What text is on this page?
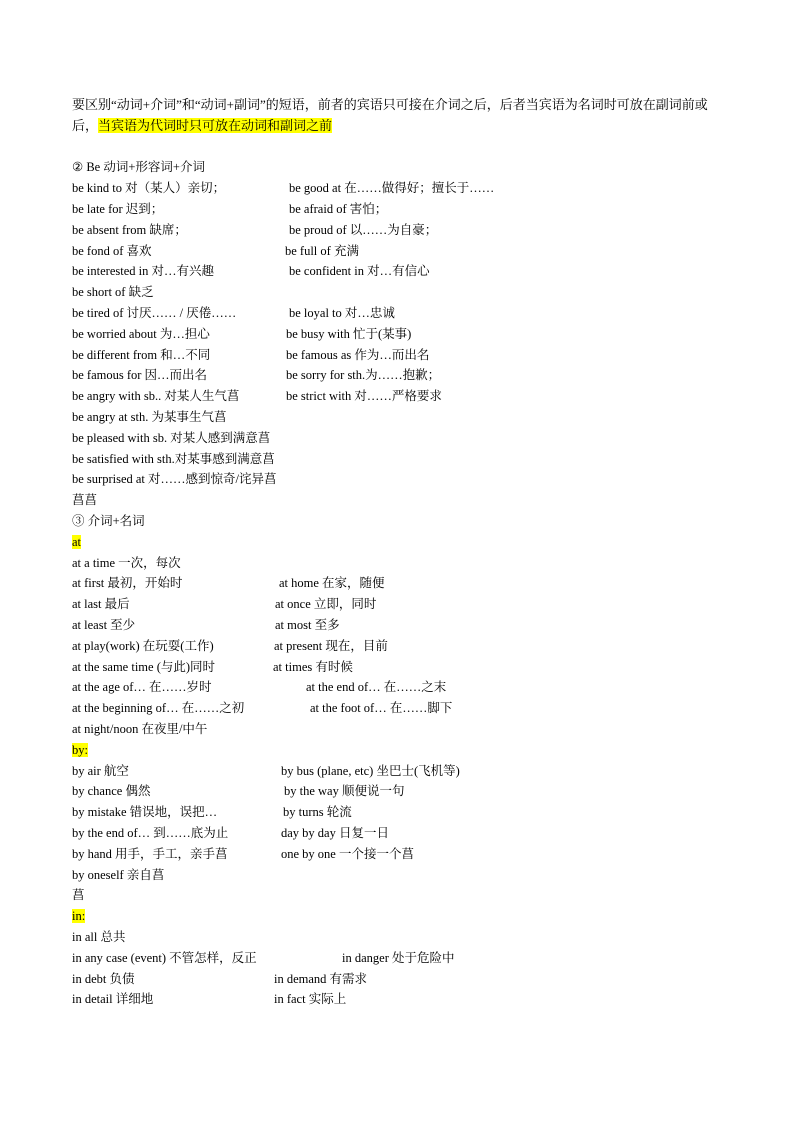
要区别“动词+介词”和“动词+副词”的短语，前者的宾语只可接在介词之后，后者当宾语为名词时可放在副词前或后，当宾语为代词时只可放在动词和副词之前
② Be 动词+形容词+介词
be kind to 对（某人）亲切；	be good at 在……做得好；擅长于……
be late for 迟到；	be afraid of 害怕；
be absent from 缺席；	be proud of 以……为自豪；
be fond of 喜欢	be full of 充满
be interested in 对…有兴趣	be confident in 对…有信心
be short of 缺乏
be tired of 讨厌…… / 厌倦……	be loyal to 对…忠诚
be worried about 为…担心	be busy with 忙于(某事)
be different from 和…不同	be famous as 作为…而出名
be famous for 因…而出名	be sorry for sth.为……抱歉；
be angry with sb.. 对某人生气菖	be strict with 对……严格要求
be angry at sth. 为某事生气菖
be pleased with sb. 对某人感到满意菖
be satisfied with sth.对某事感到满意菖
be surprised at 对……感到惊奇/诧异菖
菖菖
③ 介词+名词
at
at a time 一次，每次
at first 最初，开始时	at home 在家，随便
at last 最后	at once 立即，同时
at least 至少	at most 至多
at play(work) 在玩耍(工作)	at present 现在，目前
at the same time (与此)同时	at times 有时候
at the age of… 在……岁时	at the end of… 在……之末
at the beginning of… 在……之初	at the foot of… 在……脚下
at night/noon 在夜里/中午
by:
by air 航空	by bus (plane, etc) 坐巴士(飞机等)
by chance 偶然	by the way 顺便说一句
by mistake 错误地，误把…	by turns 轮流
by the end of… 到……底为止	day by day 日复一日
by hand 用手，手工，亲手菖	one by one 一个接一个菖
by oneself 亲自菖
菖
in:
in all 总共
in any case (event) 不管怎样，反正	in danger 处于危险中
in debt 负债	in demand 有需求
in detail 详细地	in fact 实际上
